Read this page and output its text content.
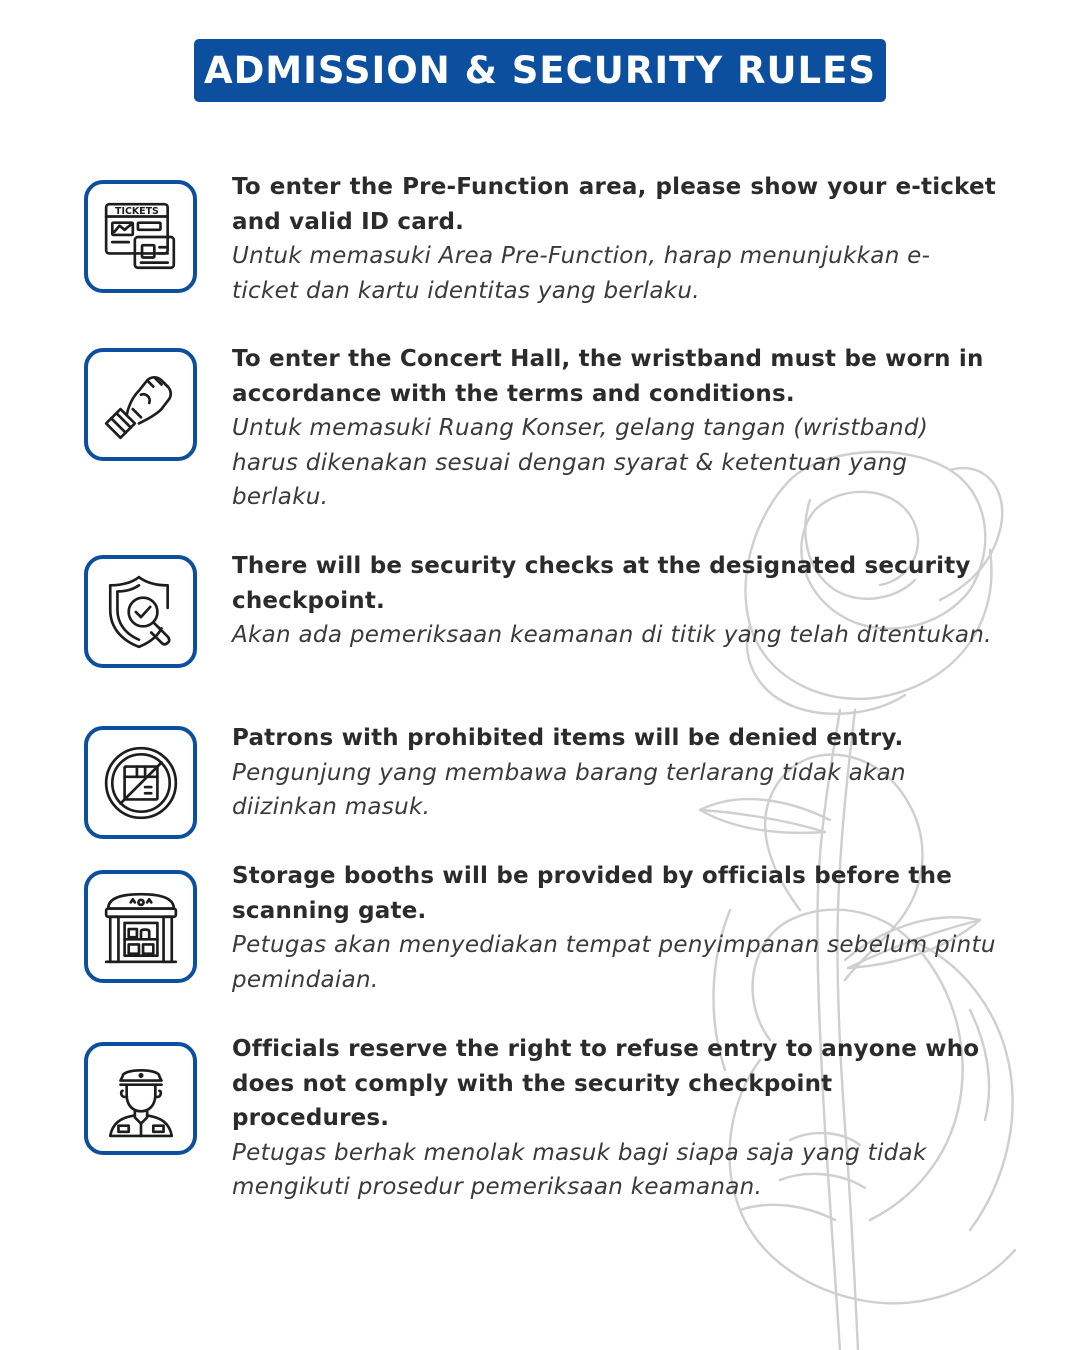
ADMISSION & SECURITY RULES
TICKETS

To enter the Pre-Function area, please show your e-ticket and valid ID card.

Untuk memasuki Area Pre-Function, harap menunjukkan e-ticket dan kartu identitas yang berlaku.

To enter the Concert Hall, the wristband must be worn in accordance with the terms and conditions.

Untuk memasuki Ruang Konser, gelang tangan (wristband) harus dikenakan sesuai dengan syarat & ketentuan yang berlaku.

There will be security checks at the designated security checkpoint.

Akan ada pemeriksaan keamanan di titik yang telah ditentukan.

Patrons with prohibited items will be denied entry.

Pengunjung yang membawa barang terlarang tidak akan diizinkan masuk.

Storage booths will be provided by officials before the scanning gate.

Petugas akan menyediakan tempat penyimpanan sebelum pintu pemindaian.

Officials reserve the right to refuse entry to anyone who does not comply with the security checkpoint procedures.

Petugas berhak menolak masuk bagi siapa saja yang tidak mengikuti prosedur pemeriksaan keamanan.
